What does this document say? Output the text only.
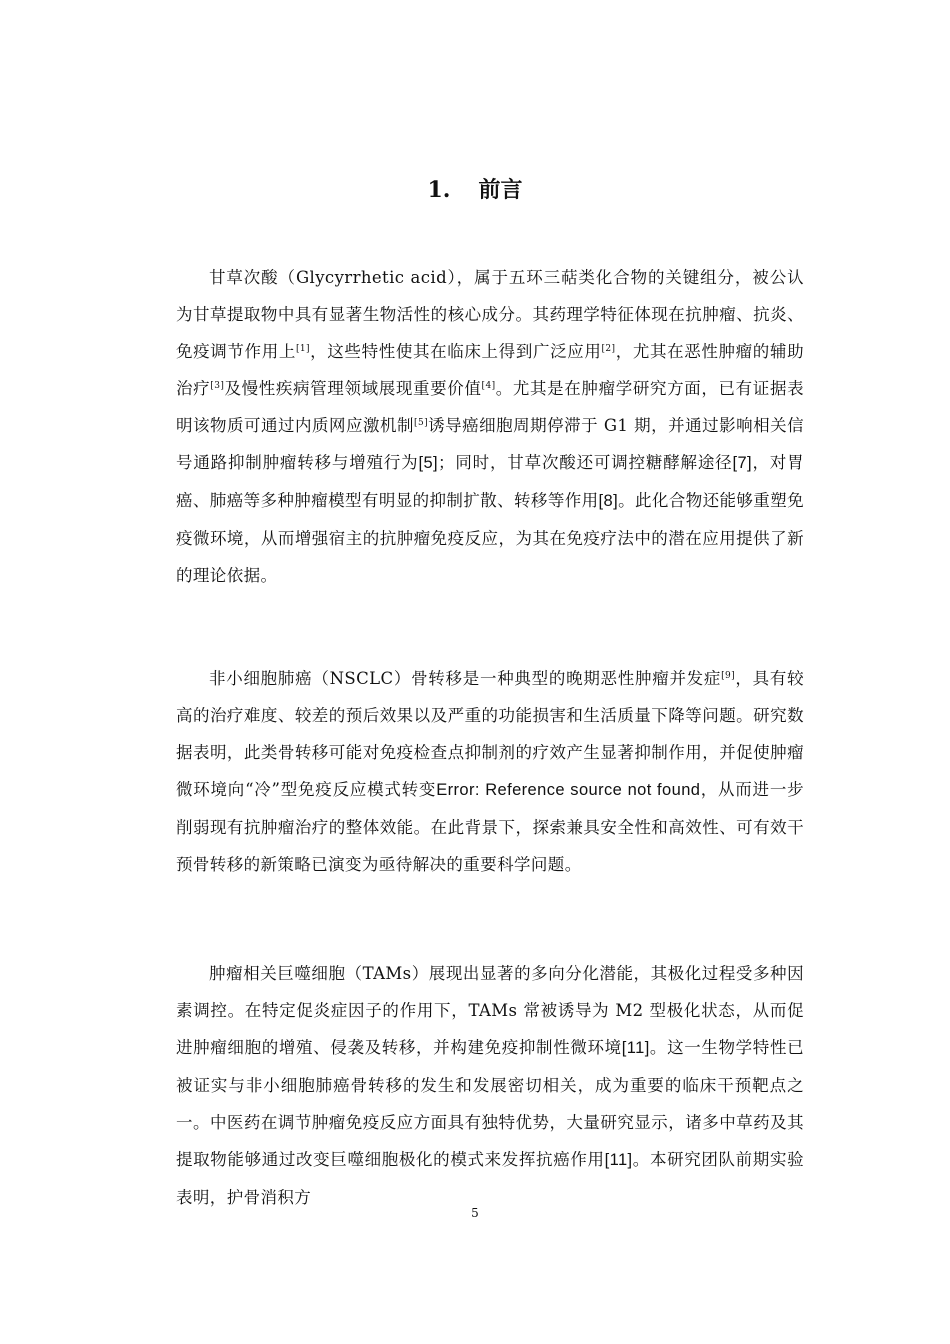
1. 前言

甘草次酸（Glycyrrhetic acid），属于五环三萜类化合物的关键组分，被公认为甘草提取物中具有显著生物活性的核心成分。其药理学特征体现在抗肿瘤、抗炎、免疫调节作用上[1]，这些特性使其在临床上得到广泛应用[2]，尤其在恶性肿瘤的辅助治疗[3]及慢性疾病管理领域展现重要价值[4]。尤其是在肿瘤学研究方面，已有证据表明该物质可通过内质网应激机制[5]诱导癌细胞周期停滞于 G1 期，并通过影响相关信号通路抑制肿瘤转移与增殖行为[5]；同时，甘草次酸还可调控糖酵解途径[7]，对胃癌、肺癌等多种肿瘤模型有明显的抑制扩散、转移等作用[8]。此化合物还能够重塑免疫微环境，从而增强宿主的抗肿瘤免疫反应，为其在免疫疗法中的潜在应用提供了新的理论依据。

非小细胞肺癌（NSCLC）骨转移是一种典型的晚期恶性肿瘤并发症[9]，具有较高的治疗难度、较差的预后效果以及严重的功能损害和生活质量下降等问题。研究数据表明，此类骨转移可能对免疫检查点抑制剂的疗效产生显著抑制作用，并促使肿瘤微环境向“冷”型免疫反应模式转变Error: Reference source not found，从而进一步削弱现有抗肿瘤治疗的整体效能。在此背景下，探索兼具安全性和高效性、可有效干预骨转移的新策略已演变为亟待解决的重要科学问题。

肿瘤相关巨噬细胞（TAMs）展现出显著的多向分化潜能，其极化过程受多种因素调控。在特定促炎症因子的作用下，TAMs 常被诱导为 M2 型极化状态，从而促进肿瘤细胞的增殖、侵袭及转移，并构建免疫抑制性微环境[11]。这一生物学特性已被证实与非小细胞肺癌骨转移的发生和发展密切相关，成为重要的临床干预靶点之一。中医药在调节肿瘤免疫反应方面具有独特优势，大量研究显示，诸多中草药及其提取物能够通过改变巨噬细胞极化的模式来发挥抗癌作用[11]。本研究团队前期实验表明，护骨消积方

5
